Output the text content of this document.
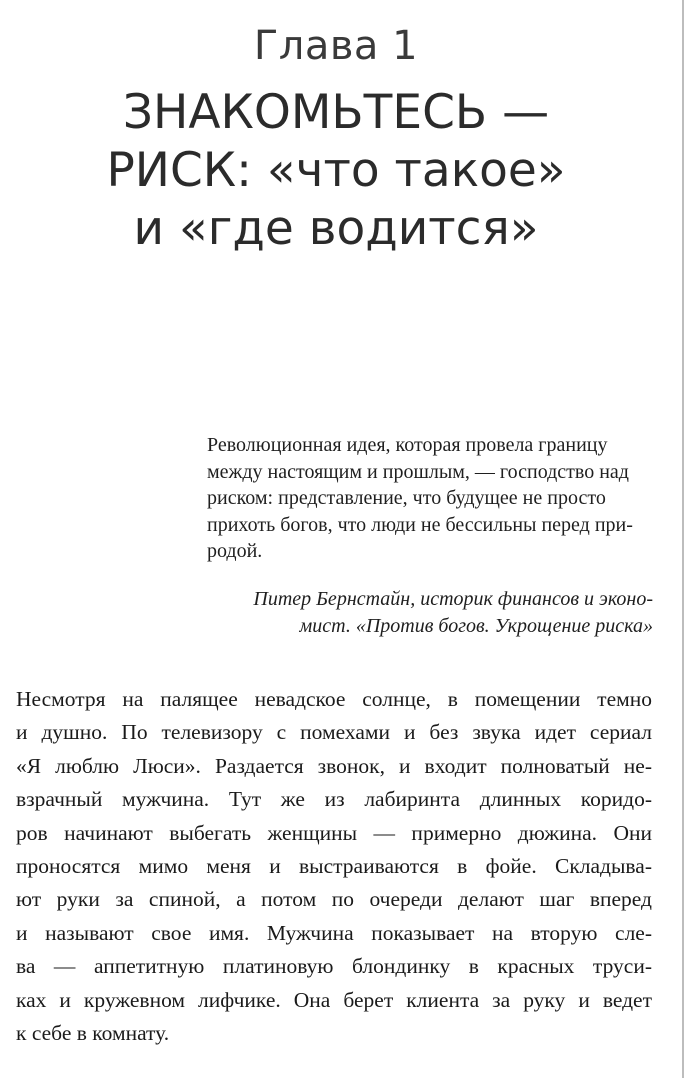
Глава 1
ЗНАКОМЬТЕСЬ —
РИСК: «что такое»
и «где водится»

Революционная идея, которая провела границу
между настоящим и прошлым, — господство над
риском: представление, что будущее не просто
прихоть богов, что люди не бессильны перед при-
родой.

Питер Бернстайн, историк финансов и эконо-
мист. «Против богов. Укрощение риска»

Несмотря на палящее невадское солнце, в помещении темно
и душно. По телевизору с помехами и без звука идет сериал
«Я люблю Люси». Раздается звонок, и входит полноватый не-
взрачный мужчина. Тут же из лабиринта длинных коридо-
ров начинают выбегать женщины — примерно дюжина. Они
проносятся мимо меня и выстраиваются в фойе. Складыва-
ют руки за спиной, а потом по очереди делают шаг вперед
и называют свое имя. Мужчина показывает на вторую сле-
ва — аппетитную платиновую блондинку в красных труси-
ках и кружевном лифчике. Она берет клиента за руку и ведет
к себе в комнату.
